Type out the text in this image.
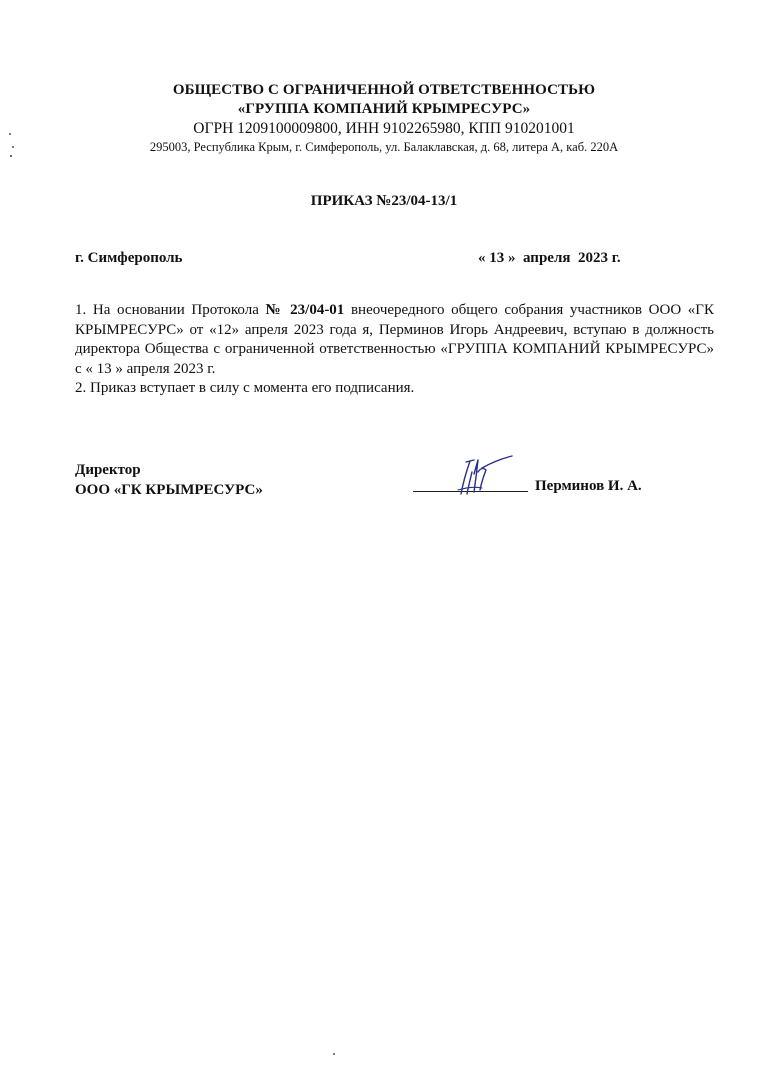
ОБЩЕСТВО С ОГРАНИЧЕННОЙ ОТВЕТСТВЕННОСТЬЮ

«ГРУППА КОМПАНИЙ КРЫМРЕСУРС»

ОГРН 1209100009800, ИНН 9102265980, КПП 910201001

295003, Республика Крым, г. Симферополь, ул. Балаклавская, д. 68, литера А, каб. 220А

ПРИКАЗ №23/04-13/1
г. Симферополь	« 13 »  апреля  2023 г.

1. На основании Протокола № 23/04-01 внеочередного общего собрания участников ООО «ГК КРЫМРЕСУРС» от «12» апреля 2023 года я, Перминов Игорь Андреевич, вступаю в должность директора Общества с ограниченной ответственностью «ГРУППА КОМПАНИЙ КРЫМРЕСУРС» с « 13 » апреля 2023 г.

2. Приказ вступает в силу с момента его подписания.

Директор
ООО «ГК КРЫМРЕСУРС»	Перминов И. А.
